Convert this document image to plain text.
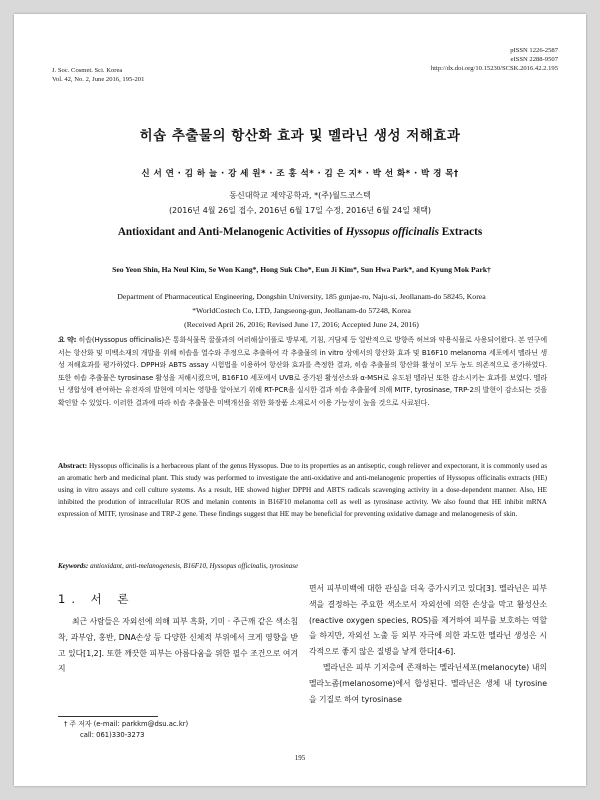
J. Soc. Cosmet. Sci. Korea
Vol. 42, No. 2, June 2016, 195-201
pISSN 1226-2587
eISSN 2288-9507
http://dx.doi.org/10.15230/SCSK.2016.42.2.195
히솝 추출물의 항산화 효과 및 멜라닌 생성 저해효과
신 서 연 · 김 하 늘 · 강 세 원* · 조 홍 석* · 김 은 지* · 박 선 화* · 박 경 목†
동신대학교 제약공학과, *(주)월드코스텍
(2016년 4월 26일 접수, 2016년 6월 17일 수정, 2016년 6월 24일 채택)
Antioxidant and Anti-Melanogenic Activities of Hyssopus officinalis Extracts
Seo Yeon Shin, Ha Neul Kim, Se Won Kang*, Hong Suk Cho*, Eun Ji Kim*, Sun Hwa Park*, and Kyung Mok Park†
Department of Pharmaceutical Engineering, Dongshin University, 185 gunjae-ro, Naju-si, Jeollanam-do 58245, Korea
*WorldCostech Co, LTD, Jangseong-gun, Jeollanam-do 57248, Korea
(Received April 26, 2016; Revised June 17, 2016; Accepted June 24, 2016)
요 약: 히솝(Hyssopus officinalis)은 통화식물목 꿀풀과의 여러해살이풀로 방부제, 기침, 거담제 등 일반적으로 방향족 허브와 약용식물로 사용되어왔다. 본 연구에서는 항산화 및 미백소재의 개발을 위해 히솝을 열수와 주정으로 추출하여 각 추출물의 in vitro 상에서의 항산화 효과 및 B16F10 melanoma 세포에서 멜라닌 생성 저해효과를 평가하였다. DPPH와 ABTS assay 시험법을 이용하여 항산화 효과를 측정한 결과, 히솝 추출물의 항산화 활성이 모두 농도 의존적으로 증가하였다. 또한 히솝 추출물은 tyrosinase 활성을 저해시켰으며, B16F10 세포에서 UVB로 증가된 활성산소와 α-MSH로 유도된 멜라닌 또한 감소시키는 효과를 보였다. 멜라닌 생합성에 관여하는 유전자의 발현에 미치는 영향을 알아보기 위해 RT-PCR을 실시한 결과 히솝 추출물에 의해 MITF, tyrosinase, TRP-2의 발현이 감소되는 것을 확인할 수 있었다. 이러한 결과에 따라 히솝 추출물은 미백개선을 위한 화장품 소재로서 이용 가능성이 높을 것으로 사료된다.
Abstract: Hyssopus officinalis is a herbaceous plant of the genus Hyssopus. Due to its properties as an antiseptic, cough reliever and expectorant, it is commonly used as an aromatic herb and medicinal plant. This study was performed to investigate the anti-oxidative and anti-melanogenic properties of Hyssopus officinalis extracts (HE) using in vitro assays and cell culture systems. As a result, HE showed higher DPPH and ABTS radicals scavenging activity in a dose-dependent manner. Also, HE inhibited the prodution of intracellular ROS and melanin contents in B16F10 melanoma cell as well as tyrosinase activity. We also found that HE inhibit mRNA expression of MITF, tyrosinase and TRP-2 gene. These findings suggest that HE may be beneficial for preventing oxidative damage and melanogenesis of skin.
Keywords: antioxidant, anti-melanogenesis, B16F10, Hyssopus officinalis, tyrosinase
1. 서 론
최근 사람들은 자외선에 의해 피부 흑화, 기미 · 주근깨 같은 색소침착, 과부암, 홍반, DNA손상 등 다양한 신체적 부위에서 크게 영향을 받고 있다[1,2]. 또한 깨끗한 피부는 아름다움을 위한 필수 조건으로 여겨지
면서 피부미백에 대한 관심을 더욱 증가시키고 있다[3]. 멜라닌은 피부색을 결정하는 주요한 색소로서 자외선에 의한 손상을 막고 활성산소(reactive oxygen species, ROS)를 제거하여 피부를 보호하는 역할을 하지만, 자외선 노출 등 외부 자극에 의한 과도한 멜라닌 생성은 시각적으로 좋지 않은 질병을 낳게 한다[4-6].
멜라닌은 피부 기저층에 존재하는 멜라닌세포(melanocyte) 내의 멜라노좀(melanosome)에서 합성된다. 멜라닌은 생체 내 tyrosine을 기질로 하여 tyrosinase
† 주 저자 (e-mail: parkkm@dsu.ac.kr)
call: 061)330-3273
195
